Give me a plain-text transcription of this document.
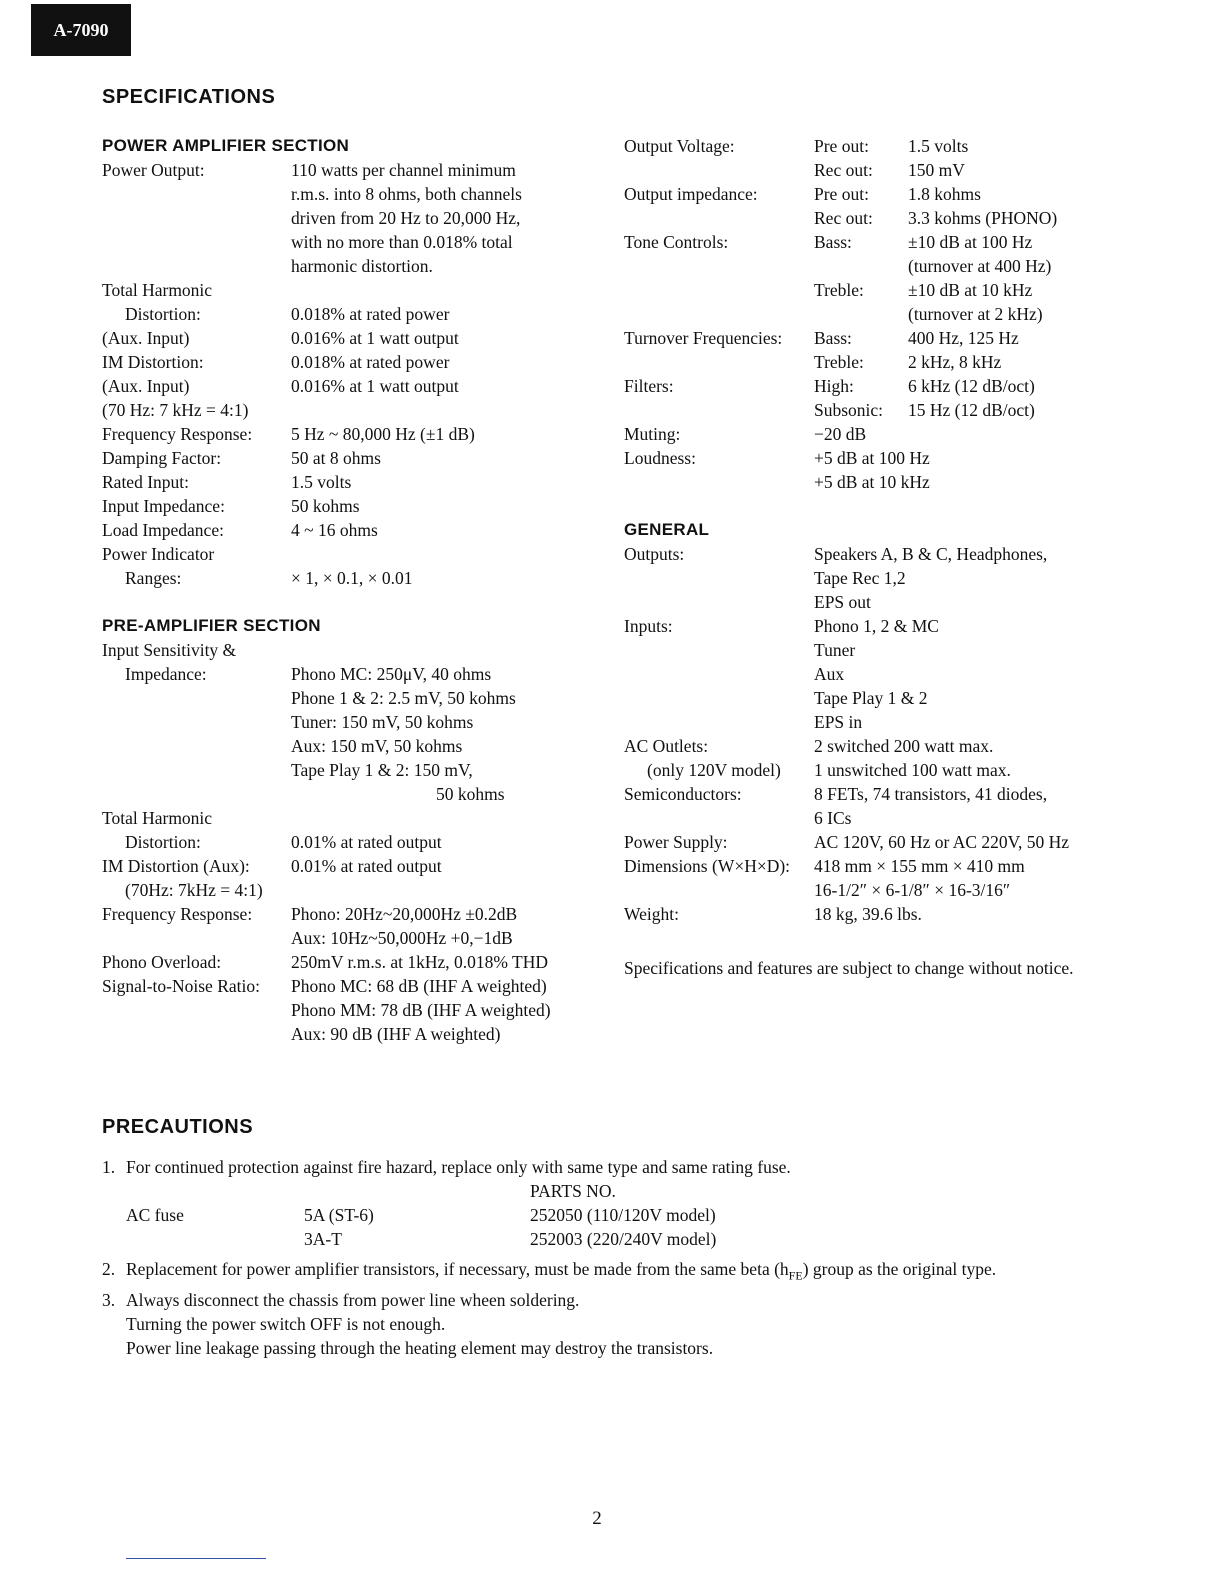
A-7090
SPECIFICATIONS
POWER AMPLIFIER SECTION
Power Output:	110 watts per channel minimum
r.m.s. into 8 ohms, both channels
driven from 20 Hz to 20,000 Hz,
with no more than 0.018% total
harmonic distortion.
Total Harmonic
Distortion:	0.018% at rated power
(Aux. Input)	0.016% at 1 watt output
IM Distortion:	0.018% at rated power
(Aux. Input)	0.016% at 1 watt output
(70 Hz: 7 kHz = 4:1)
Frequency Response:	5 Hz ~ 80,000 Hz (±1 dB)
Damping Factor:	50 at 8 ohms
Rated Input:	1.5 volts
Input Impedance:	50 kohms
Load Impedance:	4 ~ 16 ohms
Power Indicator
Ranges:	× 1, × 0.1, × 0.01
PRE-AMPLIFIER SECTION
Input Sensitivity &
Impedance:	Phono MC: 250μV, 40 ohms
Phone 1 & 2: 2.5 mV, 50 kohms
Tuner: 150 mV, 50 kohms
Aux: 150 mV, 50 kohms
Tape Play 1 & 2: 150 mV,
50 kohms
Total Harmonic
Distortion:	0.01% at rated output
IM Distortion (Aux):	0.01% at rated output
(70Hz: 7kHz = 4:1)
Frequency Response:	Phono: 20Hz~20,000Hz ±0.2dB
Aux: 10Hz~50,000Hz +0,−1dB
Phono Overload:	250mV r.m.s. at 1kHz, 0.018% THD
Signal-to-Noise Ratio:	Phono MC: 68 dB (IHF A weighted)
Phono MM: 78 dB (IHF A weighted)
Aux: 90 dB (IHF A weighted)
Output Voltage:	Pre out:	1.5 volts
Rec out:	150 mV
Output impedance:	Pre out:	1.8 kohms
Rec out:	3.3 kohms (PHONO)
Tone Controls:	Bass:	±10 dB at 100 Hz
(turnover at 400 Hz)
Treble:	±10 dB at 10 kHz
(turnover at 2 kHz)
Turnover Frequencies:	Bass:	400 Hz, 125 Hz
Treble:	2 kHz, 8 kHz
Filters:	High:	6 kHz (12 dB/oct)
Subsonic:	15 Hz (12 dB/oct)
Muting:	−20 dB
Loudness:	+5 dB at 100 Hz
+5 dB at 10 kHz
GENERAL
Outputs:	Speakers A, B & C, Headphones,
Tape Rec 1,2
EPS out
Inputs:	Phono 1, 2 & MC
Tuner
Aux
Tape Play 1 & 2
EPS in
AC Outlets:	2 switched 200 watt max.
(only 120V model)	1 unswitched 100 watt max.
Semiconductors:	8 FETs, 74 transistors, 41 diodes,
6 ICs
Power Supply:	AC 120V, 60 Hz or AC 220V, 50 Hz
Dimensions (W×H×D):	418 mm × 155 mm × 410 mm
16-1/2″ × 6-1/8″ × 16-3/16″
Weight:	18 kg, 39.6 lbs.
Specifications and features are subject to change without notice.
PRECAUTIONS
1. For continued protection against fire hazard, replace only with same type and same rating fuse.
PARTS NO.
AC fuse	5A (ST-6)	252050 (110/120V model)
3A-T	252003 (220/240V model)
2. Replacement for power amplifier transistors, if necessary, must be made from the same beta $(h_{FE})$ group as the original type.
3. Always disconnect the chassis from power line wheen soldering.
Turning the power switch OFF is not enough.
Power line leakage passing through the heating element may destroy the transistors.
2
